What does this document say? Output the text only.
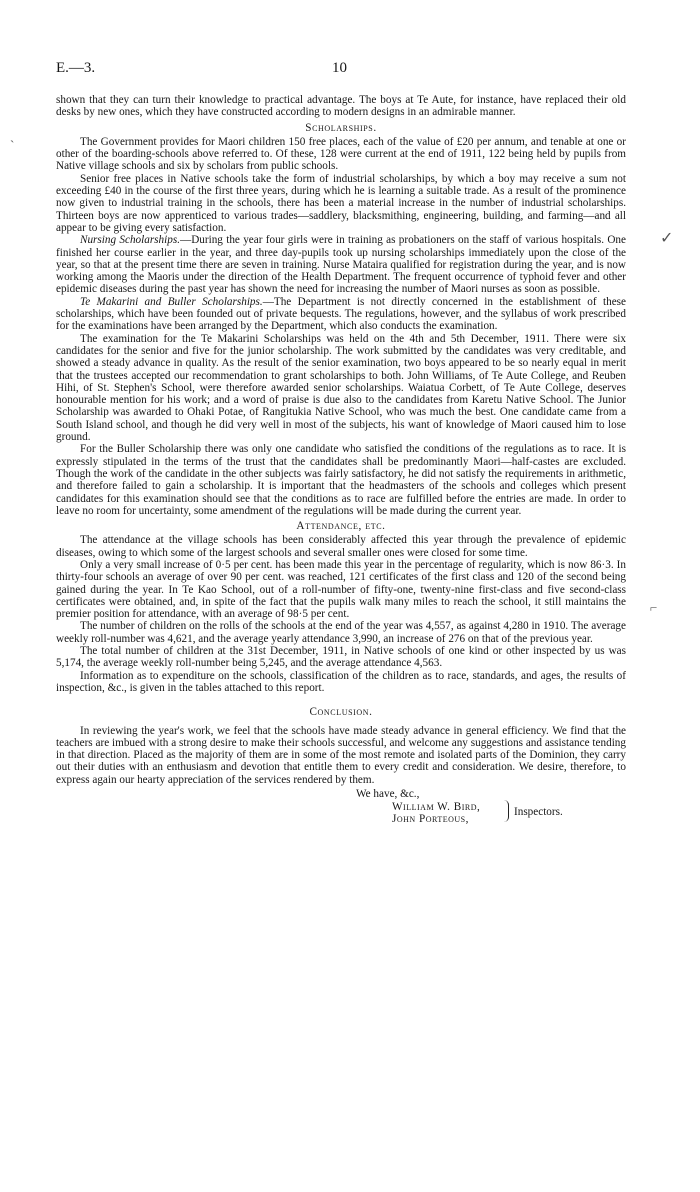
E.—3.	10

shown that they can turn their knowledge to practical advantage. The boys at Te Aute, for instance, have replaced their old desks by new ones, which they have constructed according to modern designs in an admirable manner.

Scholarships.

The Government provides for Maori children 150 free places, each of the value of £20 per annum, and tenable at one or other of the boarding-schools above referred to. Of these, 128 were current at the end of 1911, 122 being held by pupils from Native village schools and six by scholars from public schools.

Senior free places in Native schools take the form of industrial scholarships, by which a boy may receive a sum not exceeding £40 in the course of the first three years, during which he is learning a suitable trade. As a result of the prominence now given to industrial training in the schools, there has been a material increase in the number of industrial scholarships. Thirteen boys are now apprenticed to various trades—saddlery, blacksmithing, engineering, building, and farming—and all appear to be giving every satisfaction.

Nursing Scholarships.—During the year four girls were in training as probationers on the staff of various hospitals. One finished her course earlier in the year, and three day-pupils took up nursing scholarships immediately upon the close of the year, so that at the present time there are seven in training. Nurse Mataira qualified for registration during the year, and is now working among the Maoris under the direction of the Health Department. The frequent occurrence of typhoid fever and other epidemic diseases during the past year has shown the need for increasing the number of Maori nurses as soon as possible.

Te Makarini and Buller Scholarships.—The Department is not directly concerned in the establishment of these scholarships, which have been founded out of private bequests. The regulations, however, and the syllabus of work prescribed for the examinations have been arranged by the Department, which also conducts the examination.

The examination for the Te Makarini Scholarships was held on the 4th and 5th December, 1911. There were six candidates for the senior and five for the junior scholarship. The work submitted by the candidates was very creditable, and showed a steady advance in quality. As the result of the senior examination, two boys appeared to be so nearly equal in merit that the trustees accepted our recommendation to grant scholarships to both. John Williams, of Te Aute College, and Reuben Hihi, of St. Stephen's School, were therefore awarded senior scholarships. Waiatua Corbett, of Te Aute College, deserves honourable mention for his work; and a word of praise is due also to the candidates from Karetu Native School. The Junior Scholarship was awarded to Ohaki Potae, of Rangitukia Native School, who was much the best. One candidate came from a South Island school, and though he did very well in most of the subjects, his want of knowledge of Maori caused him to lose ground.

For the Buller Scholarship there was only one candidate who satisfied the conditions of the regulations as to race. It is expressly stipulated in the terms of the trust that the candidates shall be predominantly Maori—half-castes are excluded. Though the work of the candidate in the other subjects was fairly satisfactory, he did not satisfy the requirements in arithmetic, and therefore failed to gain a scholarship. It is important that the headmasters of the schools and colleges which present candidates for this examination should see that the conditions as to race are fulfilled before the entries are made. In order to leave no room for uncertainty, some amendment of the regulations will be made during the current year.

Attendance, etc.

The attendance at the village schools has been considerably affected this year through the prevalence of epidemic diseases, owing to which some of the largest schools and several smaller ones were closed for some time.

Only a very small increase of 0·5 per cent. has been made this year in the percentage of regularity, which is now 86·3. In thirty-four schools an average of over 90 per cent. was reached, 121 certificates of the first class and 120 of the second being gained during the year. In Te Kao School, out of a roll-number of fifty-one, twenty-nine first-class and five second-class certificates were obtained, and, in spite of the fact that the pupils walk many miles to reach the school, it still maintains the premier position for attendance, with an average of 98·5 per cent.

The number of children on the rolls of the schools at the end of the year was 4,557, as against 4,280 in 1910. The average weekly roll-number was 4,621, and the average yearly attendance 3,990, an increase of 276 on that of the previous year.

The total number of children at the 31st December, 1911, in Native schools of one kind or other inspected by us was 5,174, the average weekly roll-number being 5,245, and the average attendance 4,563.

Information as to expenditure on the schools, classification of the children as to race, standards, and ages, the results of inspection, &c., is given in the tables attached to this report.

Conclusion.

In reviewing the year's work, we feel that the schools have made steady advance in general efficiency. We find that the teachers are imbued with a strong desire to make their schools successful, and welcome any suggestions and assistance tending in that direction. Placed as the majority of them are in some of the most remote and isolated parts of the Dominion, they carry out their duties with an enthusiasm and devotion that entitle them to every credit and consideration. We desire, therefore, to express again our hearty appreciation of the services rendered by them.

We have, &c.,
William W. Bird,
John Porteous,
Inspectors.
ˏ
✓
⌐
